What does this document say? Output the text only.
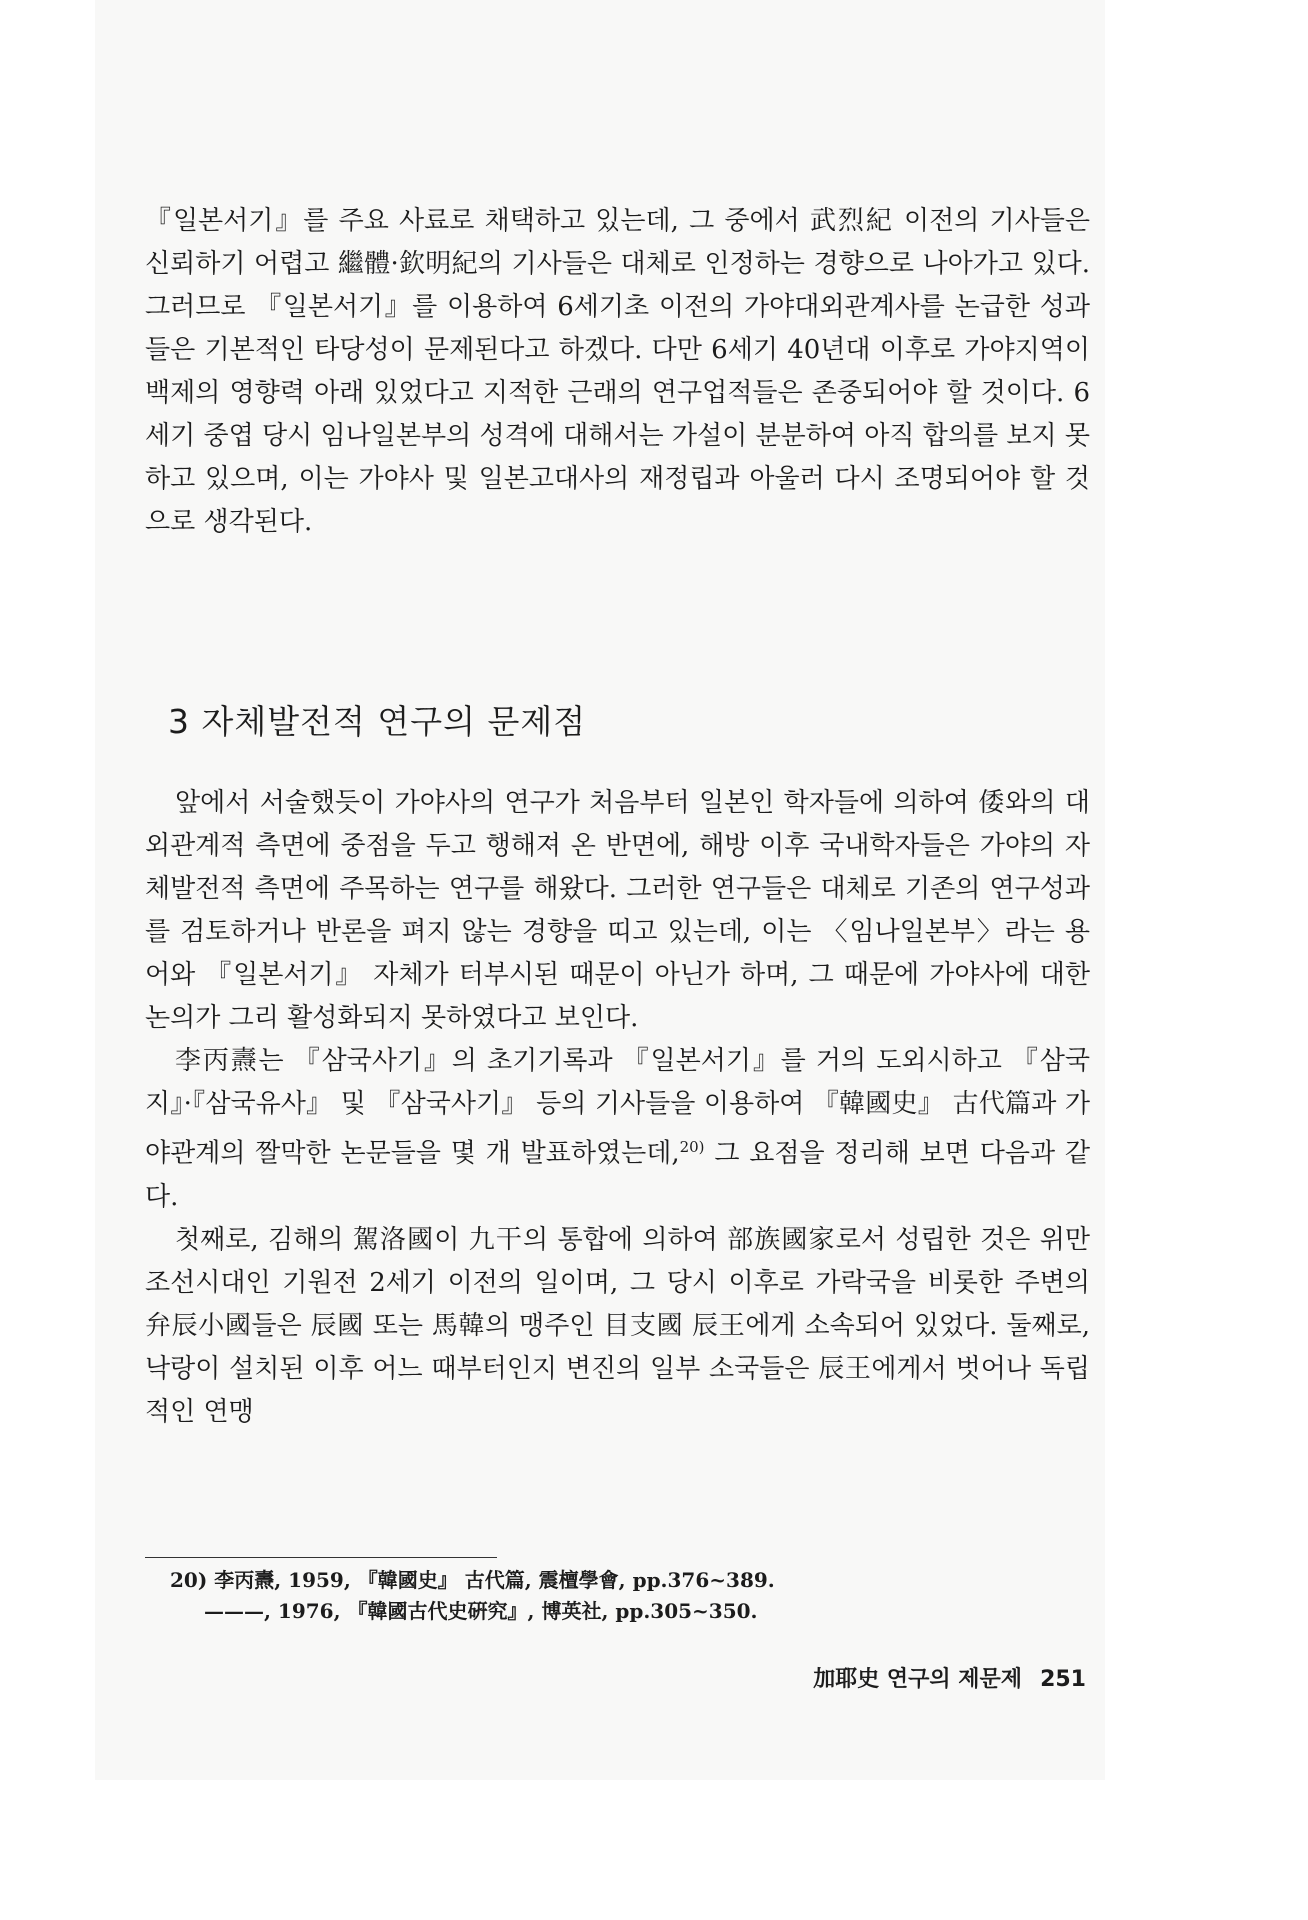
『일본서기』를 주요 사료로 채택하고 있는데, 그 중에서 武烈紀 이전의 기사들은 신뢰하기 어렵고 繼體·欽明紀의 기사들은 대체로 인정하는 경향으로 나아가고 있다. 그러므로 『일본서기』를 이용하여 6세기초 이전의 가야대외관계사를 논급한 성과들은 기본적인 타당성이 문제된다고 하겠다. 다만 6세기 40년대 이후로 가야지역이 백제의 영향력 아래 있었다고 지적한 근래의 연구업적들은 존중되어야 할 것이다. 6세기 중엽 당시 임나일본부의 성격에 대해서는 가설이 분분하여 아직 합의를 보지 못하고 있으며, 이는 가야사 및 일본고대사의 재정립과 아울러 다시 조명되어야 할 것으로 생각된다.

3 자체발전적 연구의 문제점

앞에서 서술했듯이 가야사의 연구가 처음부터 일본인 학자들에 의하여 倭와의 대외관계적 측면에 중점을 두고 행해져 온 반면에, 해방 이후 국내학자들은 가야의 자체발전적 측면에 주목하는 연구를 해왔다. 그러한 연구들은 대체로 기존의 연구성과를 검토하거나 반론을 펴지 않는 경향을 띠고 있는데, 이는 〈임나일본부〉라는 용어와 『일본서기』 자체가 터부시된 때문이 아닌가 하며, 그 때문에 가야사에 대한 논의가 그리 활성화되지 못하였다고 보인다.

李丙燾는 『삼국사기』의 초기기록과 『일본서기』를 거의 도외시하고 『삼국지』·『삼국유사』 및 『삼국사기』 등의 기사들을 이용하여 『韓國史』 古代篇과 가야관계의 짤막한 논문들을 몇 개 발표하였는데,$^{20)}$ 그 요점을 정리해 보면 다음과 같다.

첫째로, 김해의 駕洛國이 九干의 통합에 의하여 部族國家로서 성립한 것은 위만조선시대인 기원전 2세기 이전의 일이며, 그 당시 이후로 가락국을 비롯한 주변의 弁辰小國들은 辰國 또는 馬韓의 맹주인 目支國 辰王에게 소속되어 있었다. 둘째로, 낙랑이 설치된 이후 어느 때부터인지 변진의 일부 소국들은 辰王에게서 벗어나 독립적인 연맹

20) 李丙燾, 1959, 『韓國史』 古代篇, 震檀學會, pp.376~389.

———, 1976, 『韓國古代史硏究』, 博英社, pp.305~350.

加耶史 연구의 제문제 251
